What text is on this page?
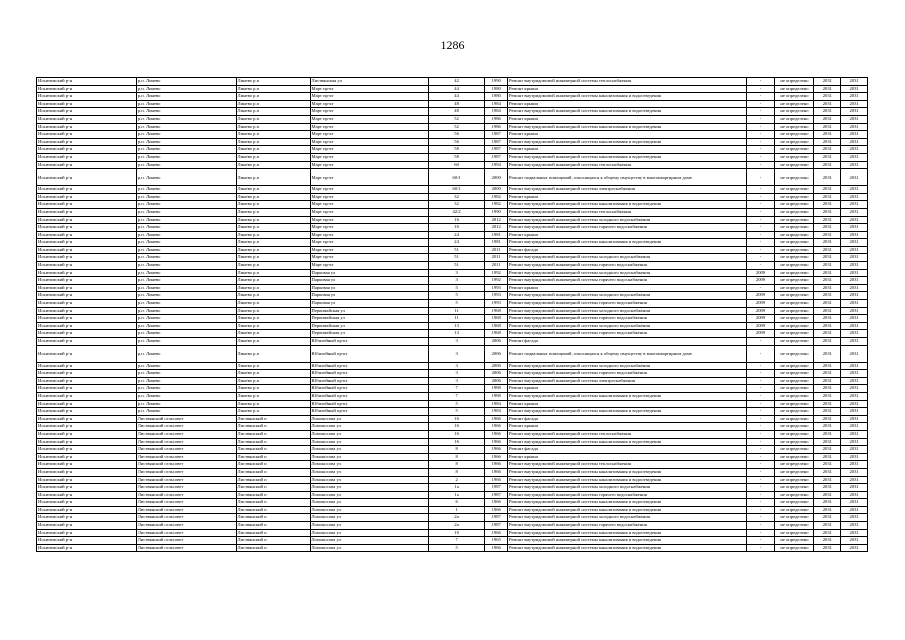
1286
Искитимский р-н	р.п. Линево	Линево р.п	Листвянская ул	42	1990	Ремонт внутридомовой инженерной системы теплоснабжения	-	не определено	2031	2031
Искитимский р-н	р.п. Линево	Линево р.п	Март пр-кт	44	1980	Ремонт крыши	-	не определено	2031	2031
Искитимский р-н	р.п. Линево	Линево р.п	Март пр-кт	44	1980	Ремонт внутридомовой инженерной системы канализования и водоотведения	-	не определено	2031	2031
Искитимский р-н	р.п. Линево	Линево р.п	Март пр-кт	48	1984	Ремонт крыши	-	не определено	2031	2031
Искитимский р-н	р.п. Линево	Линево р.п	Март пр-кт	48	1984	Ремонт внутридомовой инженерной системы канализования и водоотведения	-	не определено	2031	2031
Искитимский р-н	р.п. Линево	Линево р.п	Март пр-кт	52	1986	Ремонт крыши	-	не определено	2031	2031
Искитимский р-н	р.п. Линево	Линево р.п	Март пр-кт	52	1986	Ремонт внутридомовой инженерной системы канализования и водоотведения	-	не определено	2031	2031
Искитимский р-н	р.п. Линево	Линево р.п	Март пр-кт	56	1987	Ремонт крыши	-	не определено	2031	2031
Искитимский р-н	р.п. Линево	Линево р.п	Март пр-кт	56	1987	Ремонт внутридомовой инженерной системы канализования и водоотведения	-	не определено	2031	2031
Искитимский р-н	р.п. Линево	Линево р.п	Март пр-кт	58	1987	Ремонт крыши	-	не определено	2031	2031
Искитимский р-н	р.п. Линево	Линево р.п	Март пр-кт	58	1987	Ремонт внутридомовой инженерной системы канализования и водоотведения	-	не определено	2031	2031
Искитимский р-н	р.п. Линево	Линево р.п	Март пр-кт	60	1994	Ремонт внутридомовой инженерной системы теплоснабжения	-	не определено	2031	2031
Искитимский р-н	р.п. Линево	Линево р.п	Март пр-кт	60/1	2000	Ремонт подвальных помещений, относящихся к общему имуществу в многоквартирном доме	-	не определено	2031	2031
Искитимский р-н	р.п. Линево	Линево р.п	Март пр-кт	60/1	2000	Ремонт внутридомовой инженерной системы электроснабжения	-	не определено	2031	2031
Искитимский р-н	р.п. Линево	Линево р.п	Март пр-кт	32	1982	Ремонт крыши	-	не определено	2031	2031
Искитимский р-н	р.п. Линево	Линево р.п	Март пр-кт	32	1982	Ремонт внутридомовой инженерной системы канализования и водоотведения	-	не определено	2031	2031
Искитимский р-н	р.п. Линево	Линево р.п	Март пр-кт	42/2	1990	Ремонт внутридомовой инженерной системы теплоснабжения	-	не определено	2031	2031
Искитимский р-н	р.п. Линево	Линево р.п	Март пр-кт	16	2012	Ремонт внутридомовой инженерной системы холодного водоснабжения	-	не определено	2031	2031
Искитимский р-н	р.п. Линево	Линево р.п	Март пр-кт	16	2012	Ремонт внутридомовой инженерной системы горячего водоснабжения	-	не определено	2031	2031
Искитимский р-н	р.п. Линево	Линево р.п	Март пр-кт	24	1981	Ремонт крыши	-	не определено	2031	2031
Искитимский р-н	р.п. Линево	Линево р.п	Март пр-кт	24	1981	Ремонт внутридомовой инженерной системы канализования и водоотведения	-	не определено	2031	2031
Искитимский р-н	р.п. Линево	Линево р.п	Март пр-кт	51	2011	Ремонт фасада	-	не определено	2031	2031
Искитимский р-н	р.п. Линево	Линево р.п	Март пр-кт	51	2011	Ремонт внутридомовой инженерной системы холодного водоснабжения	-	не определено	2031	2031
Искитимский р-н	р.п. Линево	Линево р.п	Март пр-кт	51	2011	Ремонт внутридомовой инженерной системы горячего водоснабжения	-	не определено	2031	2031
Искитимский р-н	р.п. Линево	Линево р.п	Парковая ул	3	1992	Ремонт внутридомовой инженерной системы холодного водоснабжения	2009	не определено	2031	2031
Искитимский р-н	р.п. Линево	Линево р.п	Парковая ул	3	1992	Ремонт внутридомовой инженерной системы горячего водоснабжения	2009	не определено	2031	2031
Искитимский р-н	р.п. Линево	Линево р.п	Парковая ул	5	1993	Ремонт крыши	-	не определено	2031	2031
Искитимский р-н	р.п. Линево	Линево р.п	Парковая ул	5	1993	Ремонт внутридомовой инженерной системы холодного водоснабжения	2009	не определено	2031	2031
Искитимский р-н	р.п. Линево	Линево р.п	Парковая ул	5	1993	Ремонт внутридомовой инженерной системы горячего водоснабжения	2009	не определено	2031	2031
Искитимский р-н	р.п. Линево	Линево р.п	Первомайская ул	11	1968	Ремонт внутридомовой инженерной системы холодного водоснабжения	2009	не определено	2031	2031
Искитимский р-н	р.п. Линево	Линево р.п	Первомайская ул	11	1968	Ремонт внутридомовой инженерной системы горячего водоснабжения	2009	не определено	2031	2031
Искитимский р-н	р.п. Линево	Линево р.п	Первомайская ул	13	1968	Ремонт внутридомовой инженерной системы холодного водоснабжения	2009	не определено	2031	2031
Искитимский р-н	р.п. Линево	Линево р.п	Первомайская ул	13	1968	Ремонт внутридомовой инженерной системы горячего водоснабжения	2009	не определено	2031	2031
Искитимский р-н	р.п. Линево	Линево р.п	Юбилейный пр-кт	3	2006	Ремонт фасада	-	не определено	2031	2031
Искитимский р-н	р.п. Линево	Линево р.п	Юбилейный пр-кт	3	2006	Ремонт подвальных помещений, относящихся к общему имуществу в многоквартирном доме	-	не определено	2031	2031
Искитимский р-н	р.п. Линево	Линево р.п	Юбилейный пр-кт	3	2006	Ремонт внутридомовой инженерной системы холодного водоснабжения	-	не определено	2031	2031
Искитимский р-н	р.п. Линево	Линево р.п	Юбилейный пр-кт	3	2006	Ремонт внутридомовой инженерной системы горячего водоснабжения	-	не определено	2031	2031
Искитимский р-н	р.п. Линево	Линево р.п	Юбилейный пр-кт	3	2006	Ремонт внутридомовой инженерной системы электроснабжения	-	не определено	2031	2031
Искитимский р-н	р.п. Линево	Линево р.п	Юбилейный пр-кт	7	1988	Ремонт крыши	-	не определено	2031	2031
Искитимский р-н	р.п. Линево	Линево р.п	Юбилейный пр-кт	7	1988	Ремонт внутридомовой инженерной системы канализования и водоотведения	-	не определено	2031	2031
Искитимский р-н	р.п. Линево	Линево р.п	Юбилейный пр-кт	5	1984	Ремонт крыши	-	не определено	2031	2031
Искитимский р-н	р.п. Линево	Линево р.п	Юбилейный пр-кт	5	1984	Ремонт внутридомовой инженерной системы канализования и водоотведения	-	не определено	2031	2031
Искитимский р-н	Листвянский сельсовет	Листвянский п	Ломоносова ул	16	1966	Ремонт фасада	-	не определено	2031	2031
Искитимский р-н	Листвянский сельсовет	Листвянский п	Ломоносова ул	16	1966	Ремонт крыши	-	не определено	2031	2031
Искитимский р-н	Листвянский сельсовет	Листвянский п	Ломоносова ул	16	1966	Ремонт внутридомовой инженерной системы теплоснабжения	-	не определено	2031	2031
Искитимский р-н	Листвянский сельсовет	Листвянский п	Ломоносова ул	16	1966	Ремонт внутридомовой инженерной системы канализования и водоотведения	-	не определено	2031	2031
Искитимский р-н	Листвянский сельсовет	Листвянский п	Ломоносова ул	8	1966	Ремонт фасада	-	не определено	2031	2031
Искитимский р-н	Листвянский сельсовет	Листвянский п	Ломоносова ул	8	1966	Ремонт крыши	-	не определено	2031	2031
Искитимский р-н	Листвянский сельсовет	Листвянский п	Ломоносова ул	8	1966	Ремонт внутридомовой инженерной системы теплоснабжения	-	не определено	2031	2031
Искитимский р-н	Листвянский сельсовет	Листвянский п	Ломоносова ул	8	1966	Ремонт внутридомовой инженерной системы канализования и водоотведения	-	не определено	2031	2031
Искитимский р-н	Листвянский сельсовет	Листвянский п	Ломоносова ул	2	1966	Ремонт внутридомовой инженерной системы канализования и водоотведения	-	не определено	2031	2031
Искитимский р-н	Листвянский сельсовет	Листвянский п	Ломоносова ул	1а	1987	Ремонт внутридомовой инженерной системы холодного водоснабжения	-	не определено	2031	2031
Искитимский р-н	Листвянский сельсовет	Листвянский п	Ломоносова ул	1а	1987	Ремонт внутридомовой инженерной системы горячего водоснабжения	-	не определено	2031	2031
Искитимский р-н	Листвянский сельсовет	Листвянский п	Ломоносова ул	6	1966	Ремонт внутридомовой инженерной системы канализования и водоотведения	-	не определено	2031	2031
Искитимский р-н	Листвянский сельсовет	Листвянский п	Ломоносова ул	1	1966	Ремонт внутридомовой инженерной системы канализования и водоотведения	-	не определено	2031	2031
Искитимский р-н	Листвянский сельсовет	Листвянский п	Ломоносова ул	2а	1987	Ремонт внутридомовой инженерной системы холодного водоснабжения	-	не определено	2031	2031
Искитимский р-н	Листвянский сельсовет	Листвянский п	Ломоносова ул	2а	1987	Ремонт внутридомовой инженерной системы горячего водоснабжения	-	не определено	2031	2031
Искитимский р-н	Листвянский сельсовет	Листвянский п	Ломоносова ул	10	1966	Ремонт внутридомовой инженерной системы канализования и водоотведения	-	не определено	2031	2031
Искитимский р-н	Листвянский сельсовет	Листвянский п	Ломоносова ул	7	1965	Ремонт внутридомовой инженерной системы канализования и водоотведения	-	не определено	2031	2031
Искитимский р-н	Листвянский сельсовет	Листвянский п	Ломоносова ул	5	1966	Ремонт внутридомовой инженерной системы канализования и водоотведения	-	не определено	2031	2031
